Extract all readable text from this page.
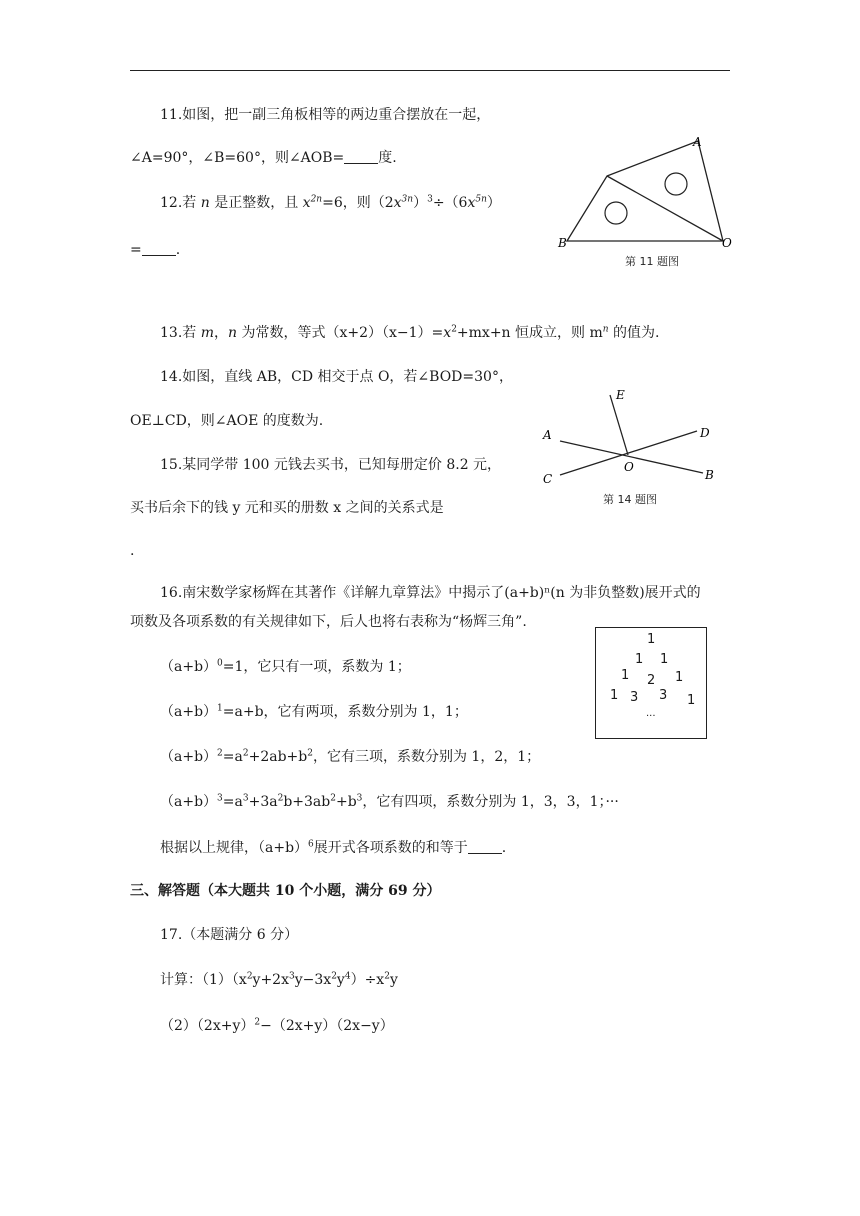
11.如图，把一副三角板相等的两边重合摆放在一起，
∠A=90°，∠B=60°，则∠AOB= 度.
A
B	O
第 11 题图
12.若 n 是正整数，且 $x^{2n}=6$，则$(2x^{3n})^3\div(6x^{5n})$
= .
13.若 m，n 为常数，等式$(x+2)(x-1)=x^2+mx+n$ 恒成立，则 $m^n$ 的值为.
14.如图，直线 AB，CD 相交于点 O，若∠BOD=30°，
OE⊥CD，则∠AOE 的度数为.
A
B
C
D
E
O
第 14 题图
15.某同学带 100 元钱去买书，已知每册定价 8.2 元，
买书后余下的钱 y 元和买的册数 x 之间的关系式是
.
16.南宋数学家杨辉在其著作《详解九章算法》中揭示了(a+b)ⁿ(n 为非负整数)展开式的
项数及各项系数的有关规律如下，后人也将右表称为“杨辉三角”.
$(a+b)^0=1$，它只有一项，系数为 1；
$(a+b)^1=a+b$，它有两项，系数分别为 1，1；
$(a+b)^2=a^2+2ab+b^2$，它有三项，系数分别为 1，2，1；
$(a+b)^3=a^3+3a^2b+3ab^2+b^3$，它有四项，系数分别为 1，3，3，1；···
根据以上规律，$(a+b)^6$展开式各项系数的和等于 .
1
1 1
1 2 1
1 3 3 1
...
三、解答题（本大题共 10 个小题，满分 69 分）
17.（本题满分 6 分）
计算：$(1)(x^2y+2x^3y-3x^2y^4)\div x^2y$
$(2)(2x+y)^2-(2x+y)(2x-y)$
